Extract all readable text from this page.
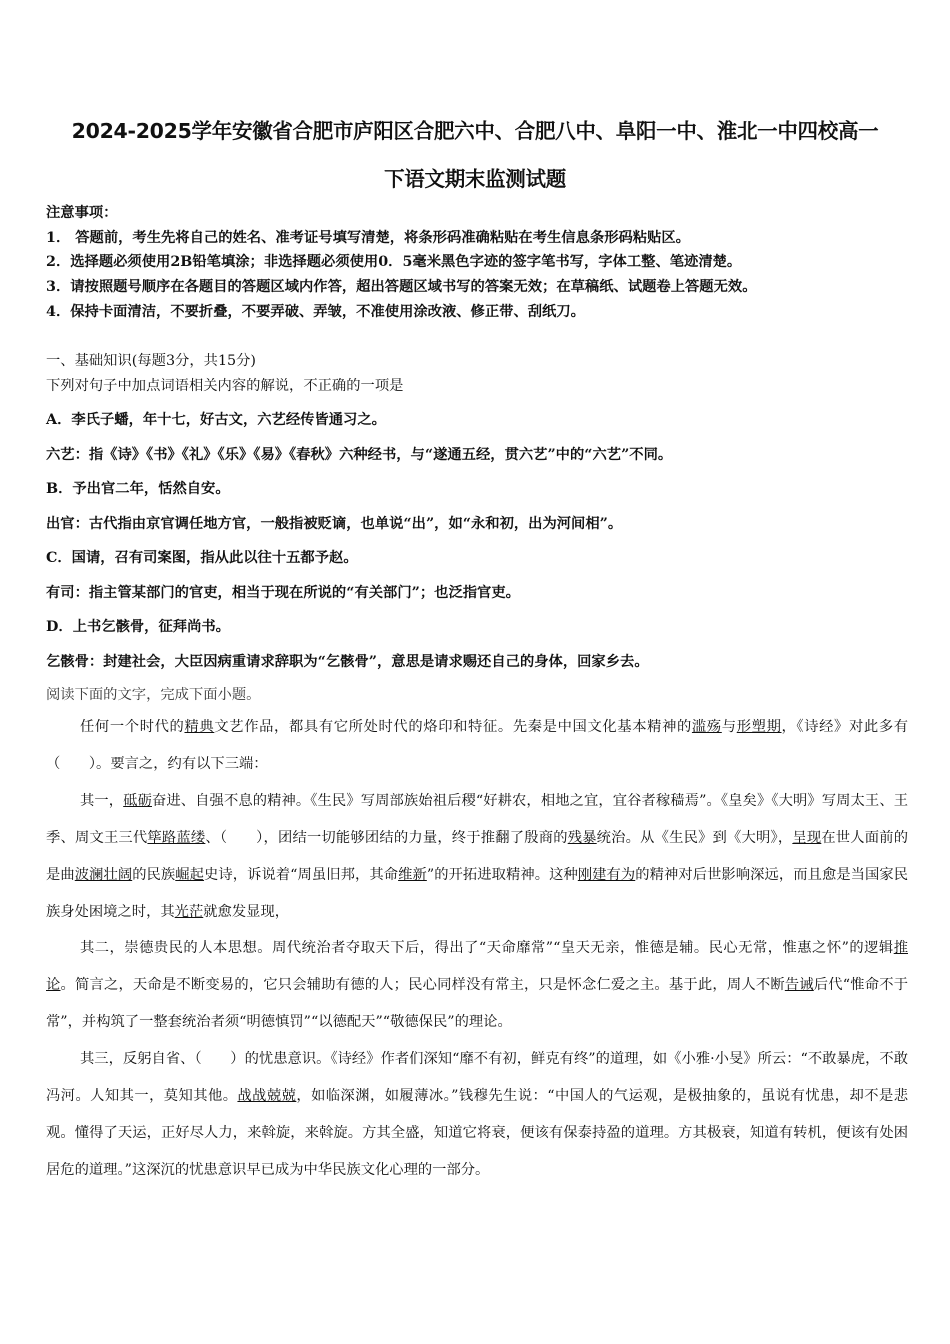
2024-2025学年安徽省合肥市庐阳区合肥六中、合肥八中、阜阳一中、淮北一中四校高一
下语文期末监测试题
注意事项：
1． 答题前，考生先将自己的姓名、准考证号填写清楚，将条形码准确粘贴在考生信息条形码粘贴区。
2．选择题必须使用2B铅笔填涂；非选择题必须使用0．5毫米黑色字迹的签字笔书写，字体工整、笔迹清楚。
3．请按照题号顺序在各题目的答题区域内作答，超出答题区域书写的答案无效；在草稿纸、试题卷上答题无效。
4．保持卡面清洁，不要折叠，不要弄破、弄皱，不准使用涂改液、修正带、刮纸刀。
一、基础知识(每题3分，共15分)
下列对句子中加点词语相关内容的解说，不正确的一项是
A．李氏子蟠，年十七，好古文，六艺经传皆通习之。
六艺：指《诗》《书》《礼》《乐》《易》《春秋》六种经书，与“遂通五经，贯六艺”中的“六艺”不同。
B．予出官二年，恬然自安。
出官：古代指由京官调任地方官，一般指被贬谪，也单说“出”，如“永和初，出为河间相”。
C．国请，召有司案图，指从此以往十五都予赵。
有司：指主管某部门的官吏，相当于现在所说的“有关部门”；也泛指官吏。
D．上书乞骸骨，征拜尚书。
乞骸骨：封建社会，大臣因病重请求辞职为“乞骸骨”，意思是请求赐还自己的身体，回家乡去。
阅读下面的文字，完成下面小题。
任何一个时代的精典文艺作品，都具有它所处时代的烙印和特征。先秦是中国文化基本精神的滥殇与形塑期，《诗经》对此多有（　　）。要言之，约有以下三端：
其一，砥砺奋进、自强不息的精神。《生民》写周部族始祖后稷“好耕农，相地之宜，宜谷者稼穑焉”。《皇矣》《大明》写周太王、王季、周文王三代筚路蓝缕、（　　），团结一切能够团结的力量，终于推翻了殷商的残暴统治。从《生民》到《大明》，呈现在世人面前的是曲波澜壮阔的民族崛起史诗，诉说着“周虽旧邦，其命维新”的开拓进取精神。这种刚建有为的精神对后世影响深远，而且愈是当国家民族身处困境之时，其光茫就愈发显现，
其二，崇德贵民的人本思想。周代统治者夺取天下后，得出了“天命靡常”“皇天无亲，惟德是辅。民心无常，惟惠之怀”的逻辑推论。简言之，天命是不断变易的，它只会辅助有德的人；民心同样没有常主，只是怀念仁爱之主。基于此，周人不断告诫后代“惟命不于常”，并构筑了一整套统治者须“明德慎罚”“以德配天”“敬德保民”的理论。
其三，反躬自省、（　　）的忧患意识。《诗经》作者们深知“靡不有初，鲜克有终”的道理，如《小雅·小旻》所云：“不敢暴虎，不敢冯河。人知其一，莫知其他。战战兢兢，如临深渊，如履薄冰。”钱穆先生说：“中国人的气运观，是极抽象的，虽说有忧患，却不是悲观。懂得了天运，正好尽人力，来斡旋，来斡旋。方其全盛，知道它将衰，便该有保泰持盈的道理。方其极衰，知道有转机，便该有处困居危的道理。”这深沉的忧患意识早已成为中华民族文化心理的一部分。
